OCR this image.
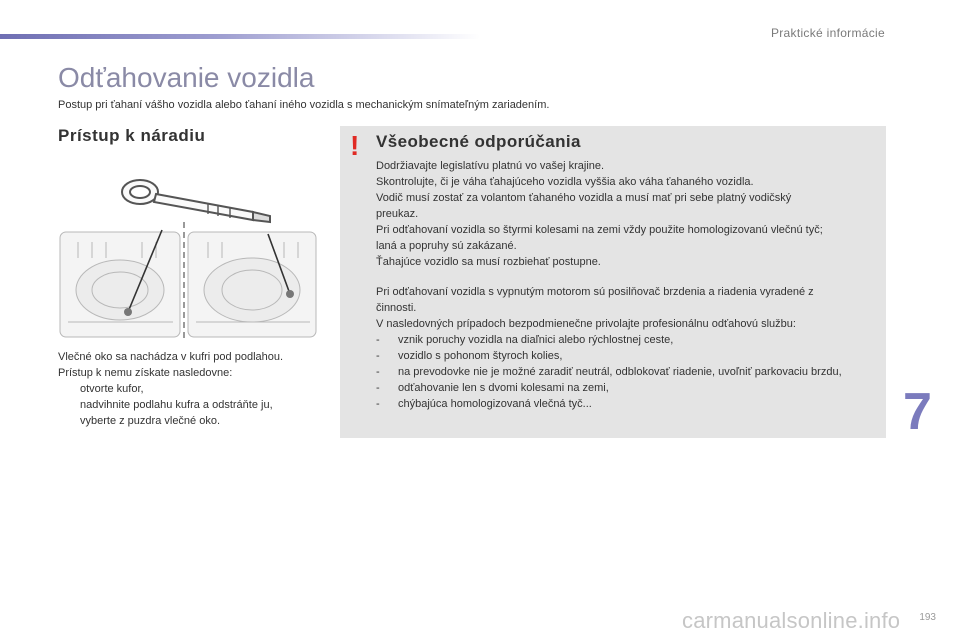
Praktické informácie
Odťahovanie vozidla
Postup pri ťahaní vášho vozidla alebo ťahaní iného vozidla s mechanickým snímateľným zariadením.
Prístup k náradiu
Vlečné oko sa nachádza v kufri pod podlahou.
Prístup k nemu získate nasledovne:
otvorte kufor,
nadvihnite podlahu kufra a odstráňte ju,
vyberte z puzdra vlečné oko.
! Všeobecné odporúčania

Dodržiavajte legislatívu platnú vo vašej krajine.

Skontrolujte, či je váha ťahajúceho vozidla vyššia ako váha ťahaného vozidla.

Vodič musí zostať za volantom ťahaného vozidla a musí mať pri sebe platný vodičský

preukaz.

Pri odťahovaní vozidla so štyrmi kolesami na zemi vždy použite homologizovanú vlečnú tyč;

laná a popruhy sú zakázané.

Ťahajúce vozidlo sa musí rozbiehať postupne.

Pri odťahovaní vozidla s vypnutým motorom sú posilňovač brzdenia a riadenia vyradené z

činnosti.

V nasledovných prípadoch bezpodmienečne privolajte profesionálnu odťahovú službu:

- vznik poruchy vozidla na diaľnici alebo rýchlostnej ceste,
- vozidlo s pohonom štyroch kolies,
- na prevodovke nie je možné zaradiť neutrál, odblokovať riadenie, uvoľniť parkovaciu brzdu,
- odťahovanie len s dvomi kolesami na zemi,
- chýbajúca homologizovaná vlečná tyč...	7
193
carmanualsonline.info
